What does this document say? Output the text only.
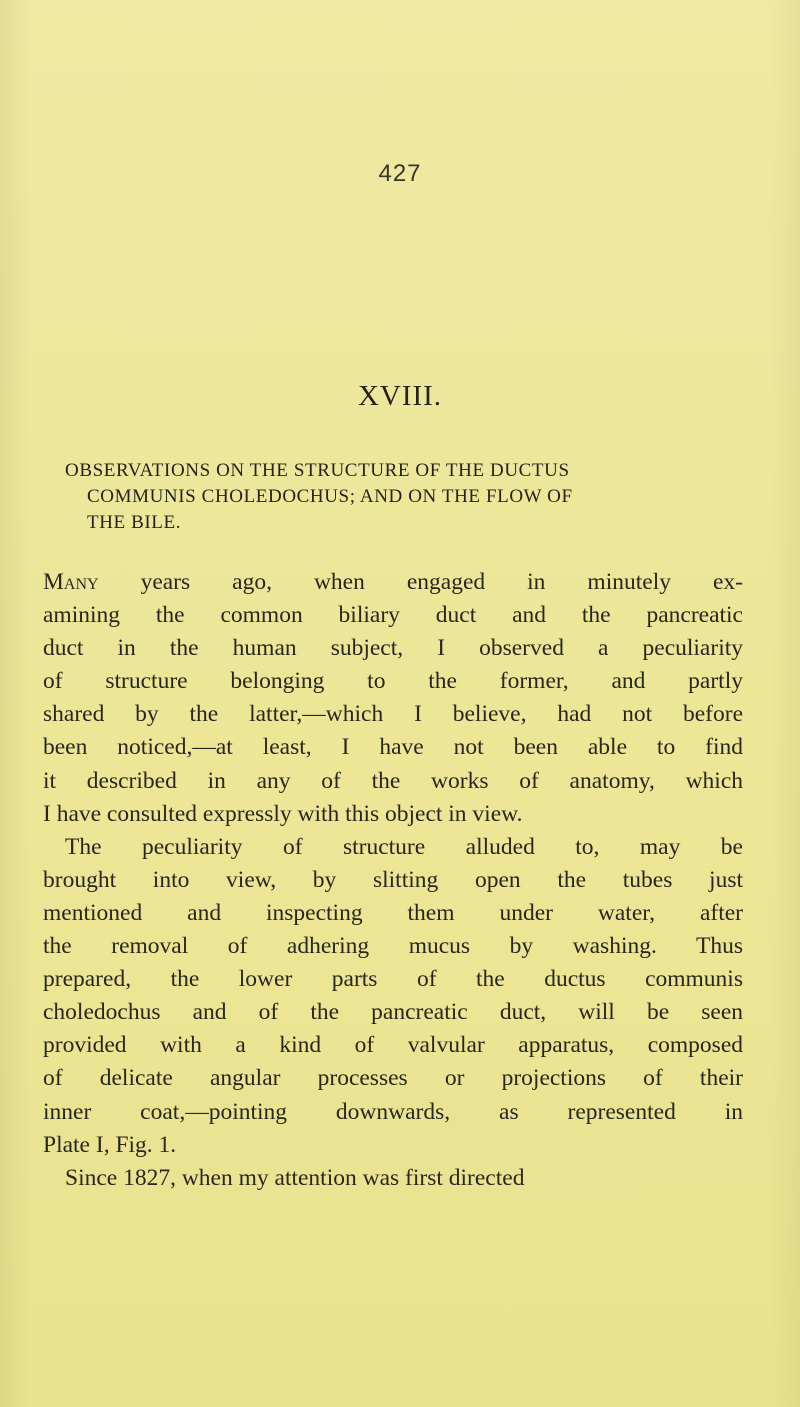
427
XVIII.
OBSERVATIONS ON THE STRUCTURE OF THE DUCTUS
COMMUNIS CHOLEDOCHUS; AND ON THE FLOW OF
THE BILE.
Many years ago, when engaged in minutely ex-
amining the common biliary duct and the pancreatic
duct in the human subject, I observed a peculiarity
of structure belonging to the former, and partly
shared by the latter,—which I believe, had not before
been noticed,—at least, I have not been able to find
it described in any of the works of anatomy, which
I have consulted expressly with this object in view.
The peculiarity of structure alluded to, may be
brought into view, by slitting open the tubes just
mentioned and inspecting them under water, after
the removal of adhering mucus by washing. Thus
prepared, the lower parts of the ductus communis
choledochus and of the pancreatic duct, will be seen
provided with a kind of valvular apparatus, composed
of delicate angular processes or projections of their
inner coat,—pointing downwards, as represented in
Plate I, Fig. 1.
Since 1827, when my attention was first directed
